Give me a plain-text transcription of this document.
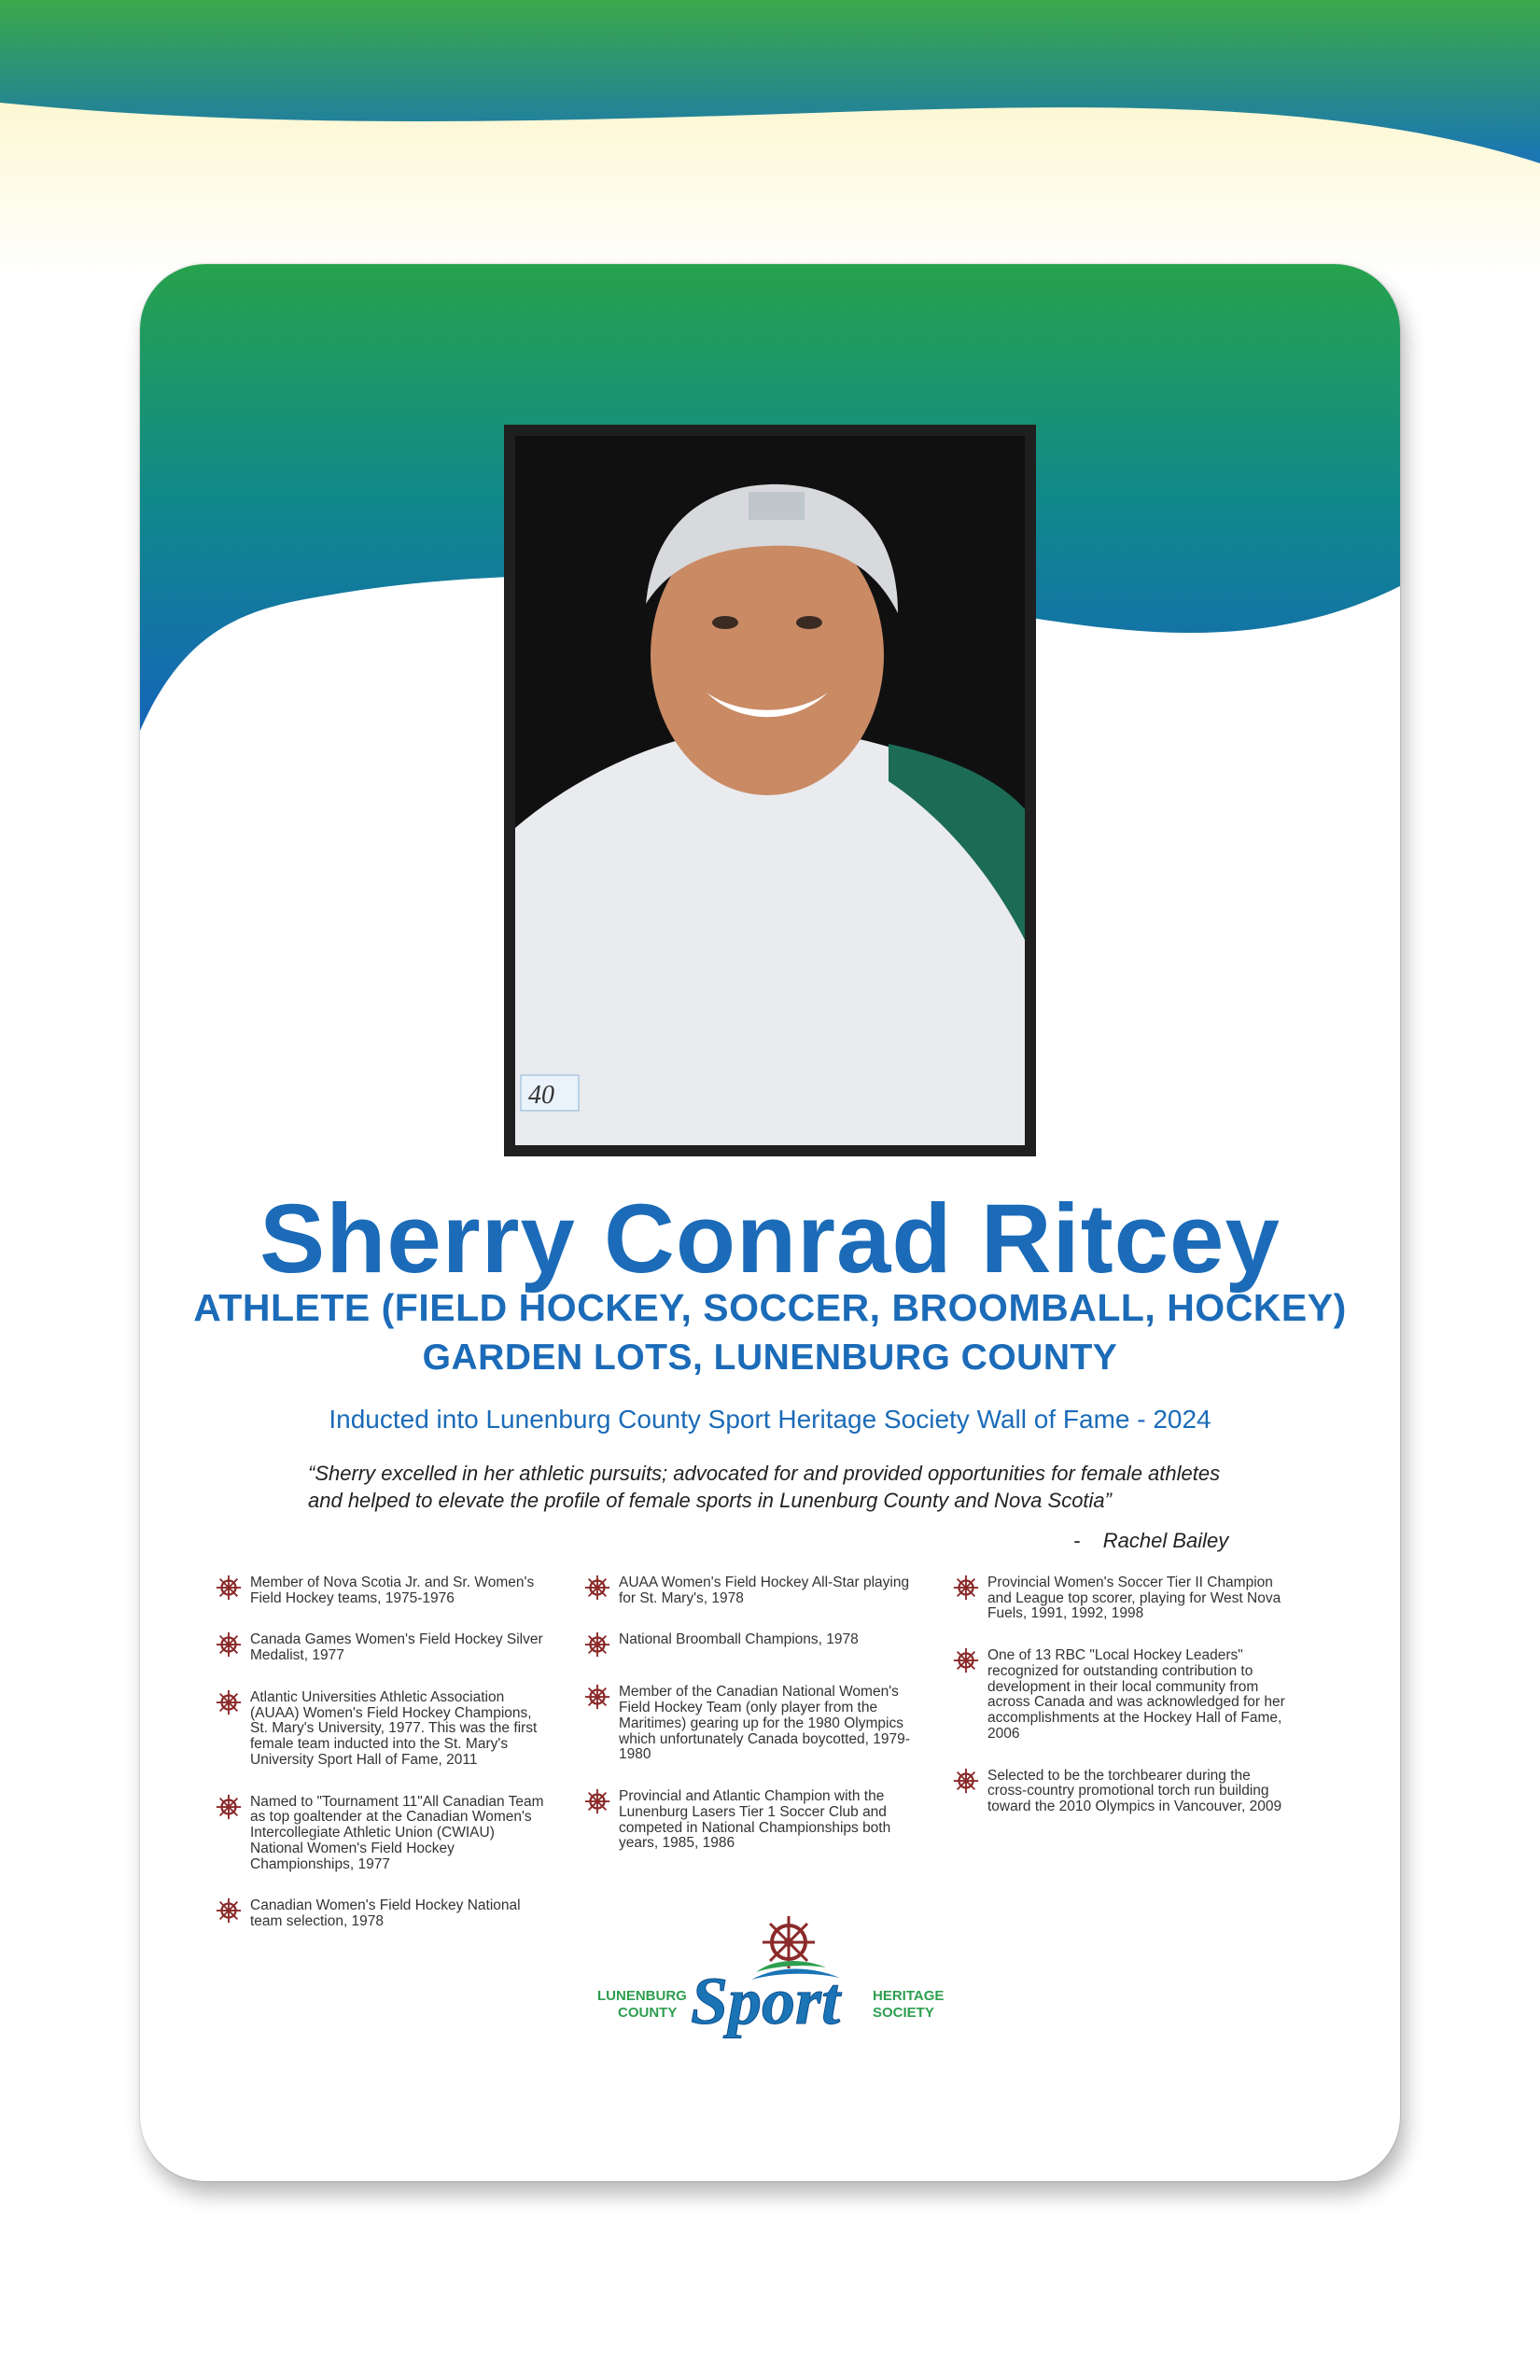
40
Sherry Conrad Ritcey
ATHLETE (FIELD HOCKEY, SOCCER, BROOMBALL, HOCKEY)
GARDEN LOTS, LUNENBURG COUNTY
Inducted into Lunenburg County Sport Heritage Society Wall of Fame - 2024
“Sherry excelled in her athletic pursuits; advocated for and provided opportunities for female athletes and helped to elevate the profile of female sports in Lunenburg County and Nova Scotia”
-    Rachel Bailey
Member of Nova Scotia Jr. and Sr. Women's Field Hockey teams, 1975-1976
Canada Games Women's Field Hockey Silver Medalist, 1977
Atlantic Universities Athletic Association (AUAA) Women's Field Hockey Champions, St. Mary's University, 1977. This was the first female team inducted into the St. Mary's University Sport Hall of Fame, 2011
Named to "Tournament 11"All Canadian Team as top goaltender at the Canadian Women's Intercollegiate Athletic Union (CWIAU) National Women's Field Hockey Championships, 1977
Canadian Women's Field Hockey National team selection, 1978
AUAA Women's Field Hockey All-Star playing for St. Mary's, 1978
National Broomball Champions, 1978
Member of the Canadian National Women's Field Hockey Team (only player from the Maritimes) gearing up for the 1980 Olympics which unfortunately Canada boycotted, 1979-1980
Provincial and Atlantic Champion with the Lunenburg Lasers Tier 1 Soccer Club and competed in National Championships both years, 1985, 1986
Provincial Women's Soccer Tier II Champion and League top scorer, playing for West Nova Fuels, 1991, 1992, 1998
One of 13 RBC "Local Hockey Leaders" recognized for outstanding contribution to development in their local community from across Canada and was acknowledged for her accomplishments at the Hockey Hall of Fame, 2006
Selected to be the torchbearer during the cross-country promotional torch run building toward the 2010 Olympics in Vancouver, 2009
LUNENBURG
COUNTY Sport HERITAGE
SOCIETY
